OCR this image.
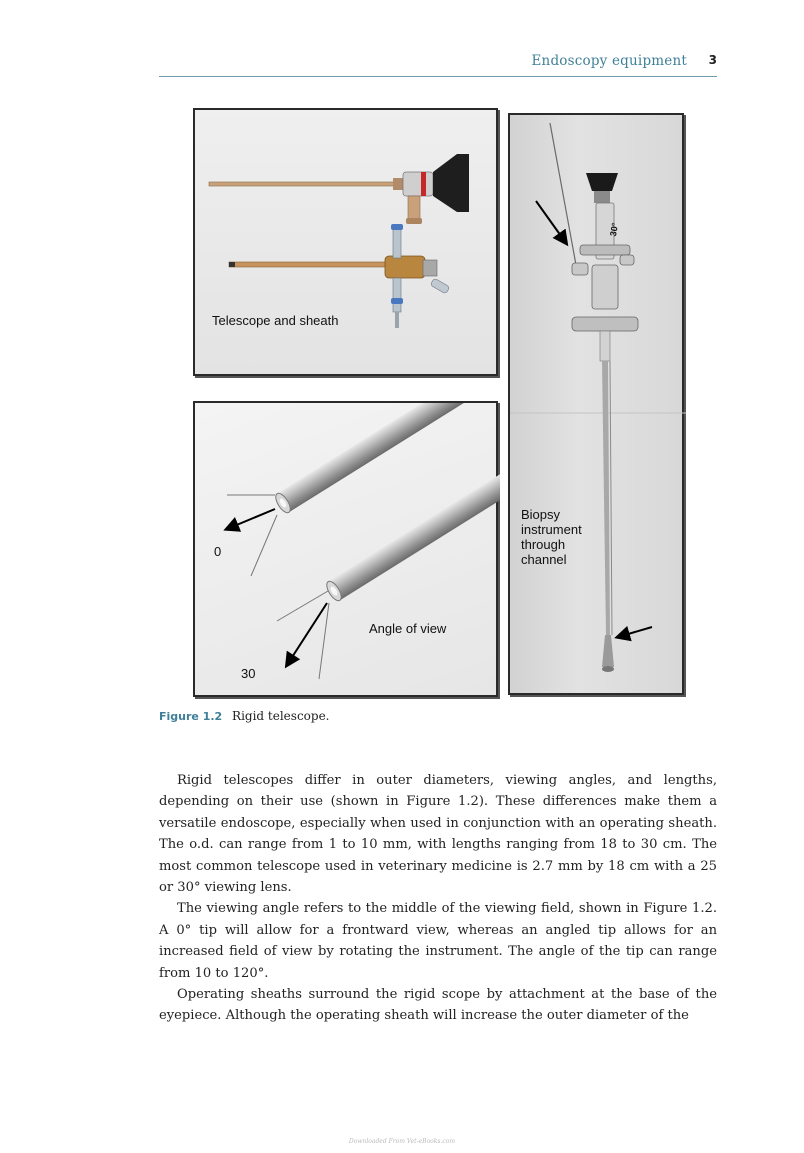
Endoscopy equipment 3
Telescope and sheath
0
30
Angle of view
30°
Biopsy
instrument
through
channel
Figure 1.2 Rigid telescope.

Rigid telescopes differ in outer diameters, viewing angles, and lengths, depending on their use (shown in Figure 1.2). These differences make them a versatile endoscope, especially when used in conjunction with an operating sheath. The o.d. can range from 1 to 10 mm, with lengths ranging from 18 to 30 cm. The most common telescope used in veterinary medicine is 2.7 mm by 18 cm with a 25 or 30° viewing lens.

The viewing angle refers to the middle of the viewing field, shown in Figure 1.2. A 0° tip will allow for a frontward view, whereas an angled tip allows for an increased field of view by rotating the instrument. The angle of the tip can range from 10 to 120°.

Operating sheaths surround the rigid scope by attachment at the base of the eyepiece. Although the operating sheath will increase the outer diameter of the

Downloaded From Vet-eBooks.com
